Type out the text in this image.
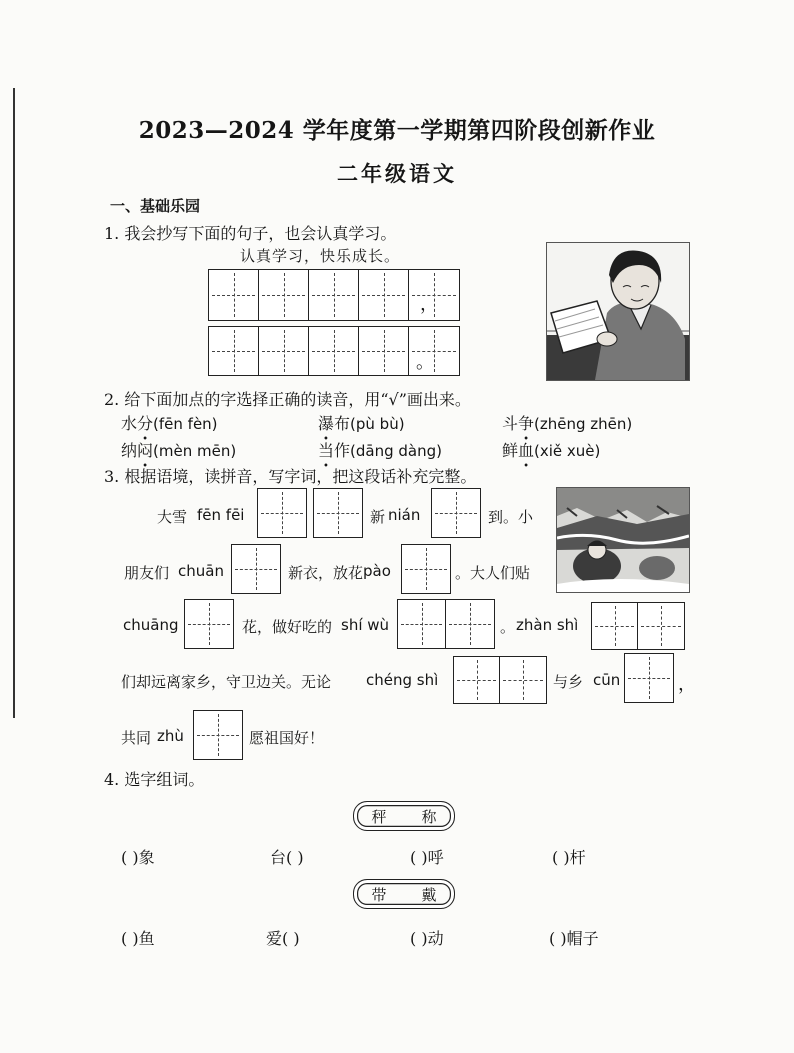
2023—2024 学年度第一学期第四阶段创新作业
二年级语文
一、基础乐园
1. 我会抄写下面的句子，也会认真学习。
认真学习，快乐成长。
，
。
2. 给下面加点的字选择正确的读音，用“√”画出来。
水分(fēn fèn)	瀑布(pù bù)	斗争(zhēng zhēn)
纳闷(mèn mēn)	当作(dāng dàng)	鲜血(xiě xuè)
3. 根据语境，读拼音，写字词，把这段话补充完整。
大雪 fēn fēi	新 nián	到。小
朋友们 chuān	新衣，放花 pào	。大人们贴
chuāng	花，做好吃的 shí wù	。 zhàn shì
们却远离家乡，守卫边关。无论 chéng shì	与乡 cūn	，
共同 zhù	愿祖国好！
4. 选字组词。
秤 称
( )象	台( )	( )呼	( )杆
带 戴
( )鱼	爱( )	( )动	( )帽子
